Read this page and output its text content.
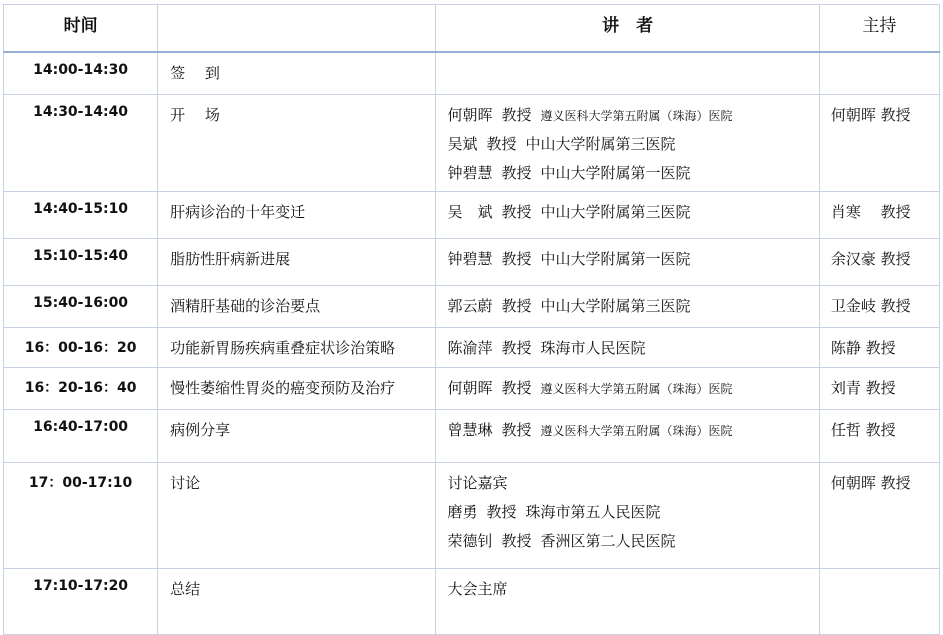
时间		讲　者	主持
14:00-14:30	签　 到		
14:30-14:40	开　 场	何朝晖 教授 遵义医科大学第五附属（珠海）医院
吴斌 教授 中山大学附属第三医院
钟碧慧 教授 中山大学附属第一医院	何朝晖 教授
14:40-15:10	肝病诊治的十年变迁	吴　斌 教授 中山大学附属第三医院	肖寒　 教授
15:10-15:40	脂肪性肝病新进展	钟碧慧 教授 中山大学附属第一医院	余汉豪 教授
15:40-16:00	酒精肝基础的诊治要点	郭云蔚 教授 中山大学附属第三医院	卫金岐 教授
16：00-16：20	功能新胃肠疾病重叠症状诊治策略	陈渝萍 教授 珠海市人民医院	陈静 教授
16：20-16：40	慢性萎缩性胃炎的癌变预防及治疗	何朝晖 教授 遵义医科大学第五附属（珠海）医院	刘青 教授
16:40-17:00	病例分享	曾慧琳 教授 遵义医科大学第五附属（珠海）医院	任哲 教授
17：00-17:10	讨论	讨论嘉宾
磨勇 教授 珠海市第五人民医院
荣德钊 教授 香洲区第二人民医院	何朝晖 教授
17:10-17:20	总结	大会主席	
